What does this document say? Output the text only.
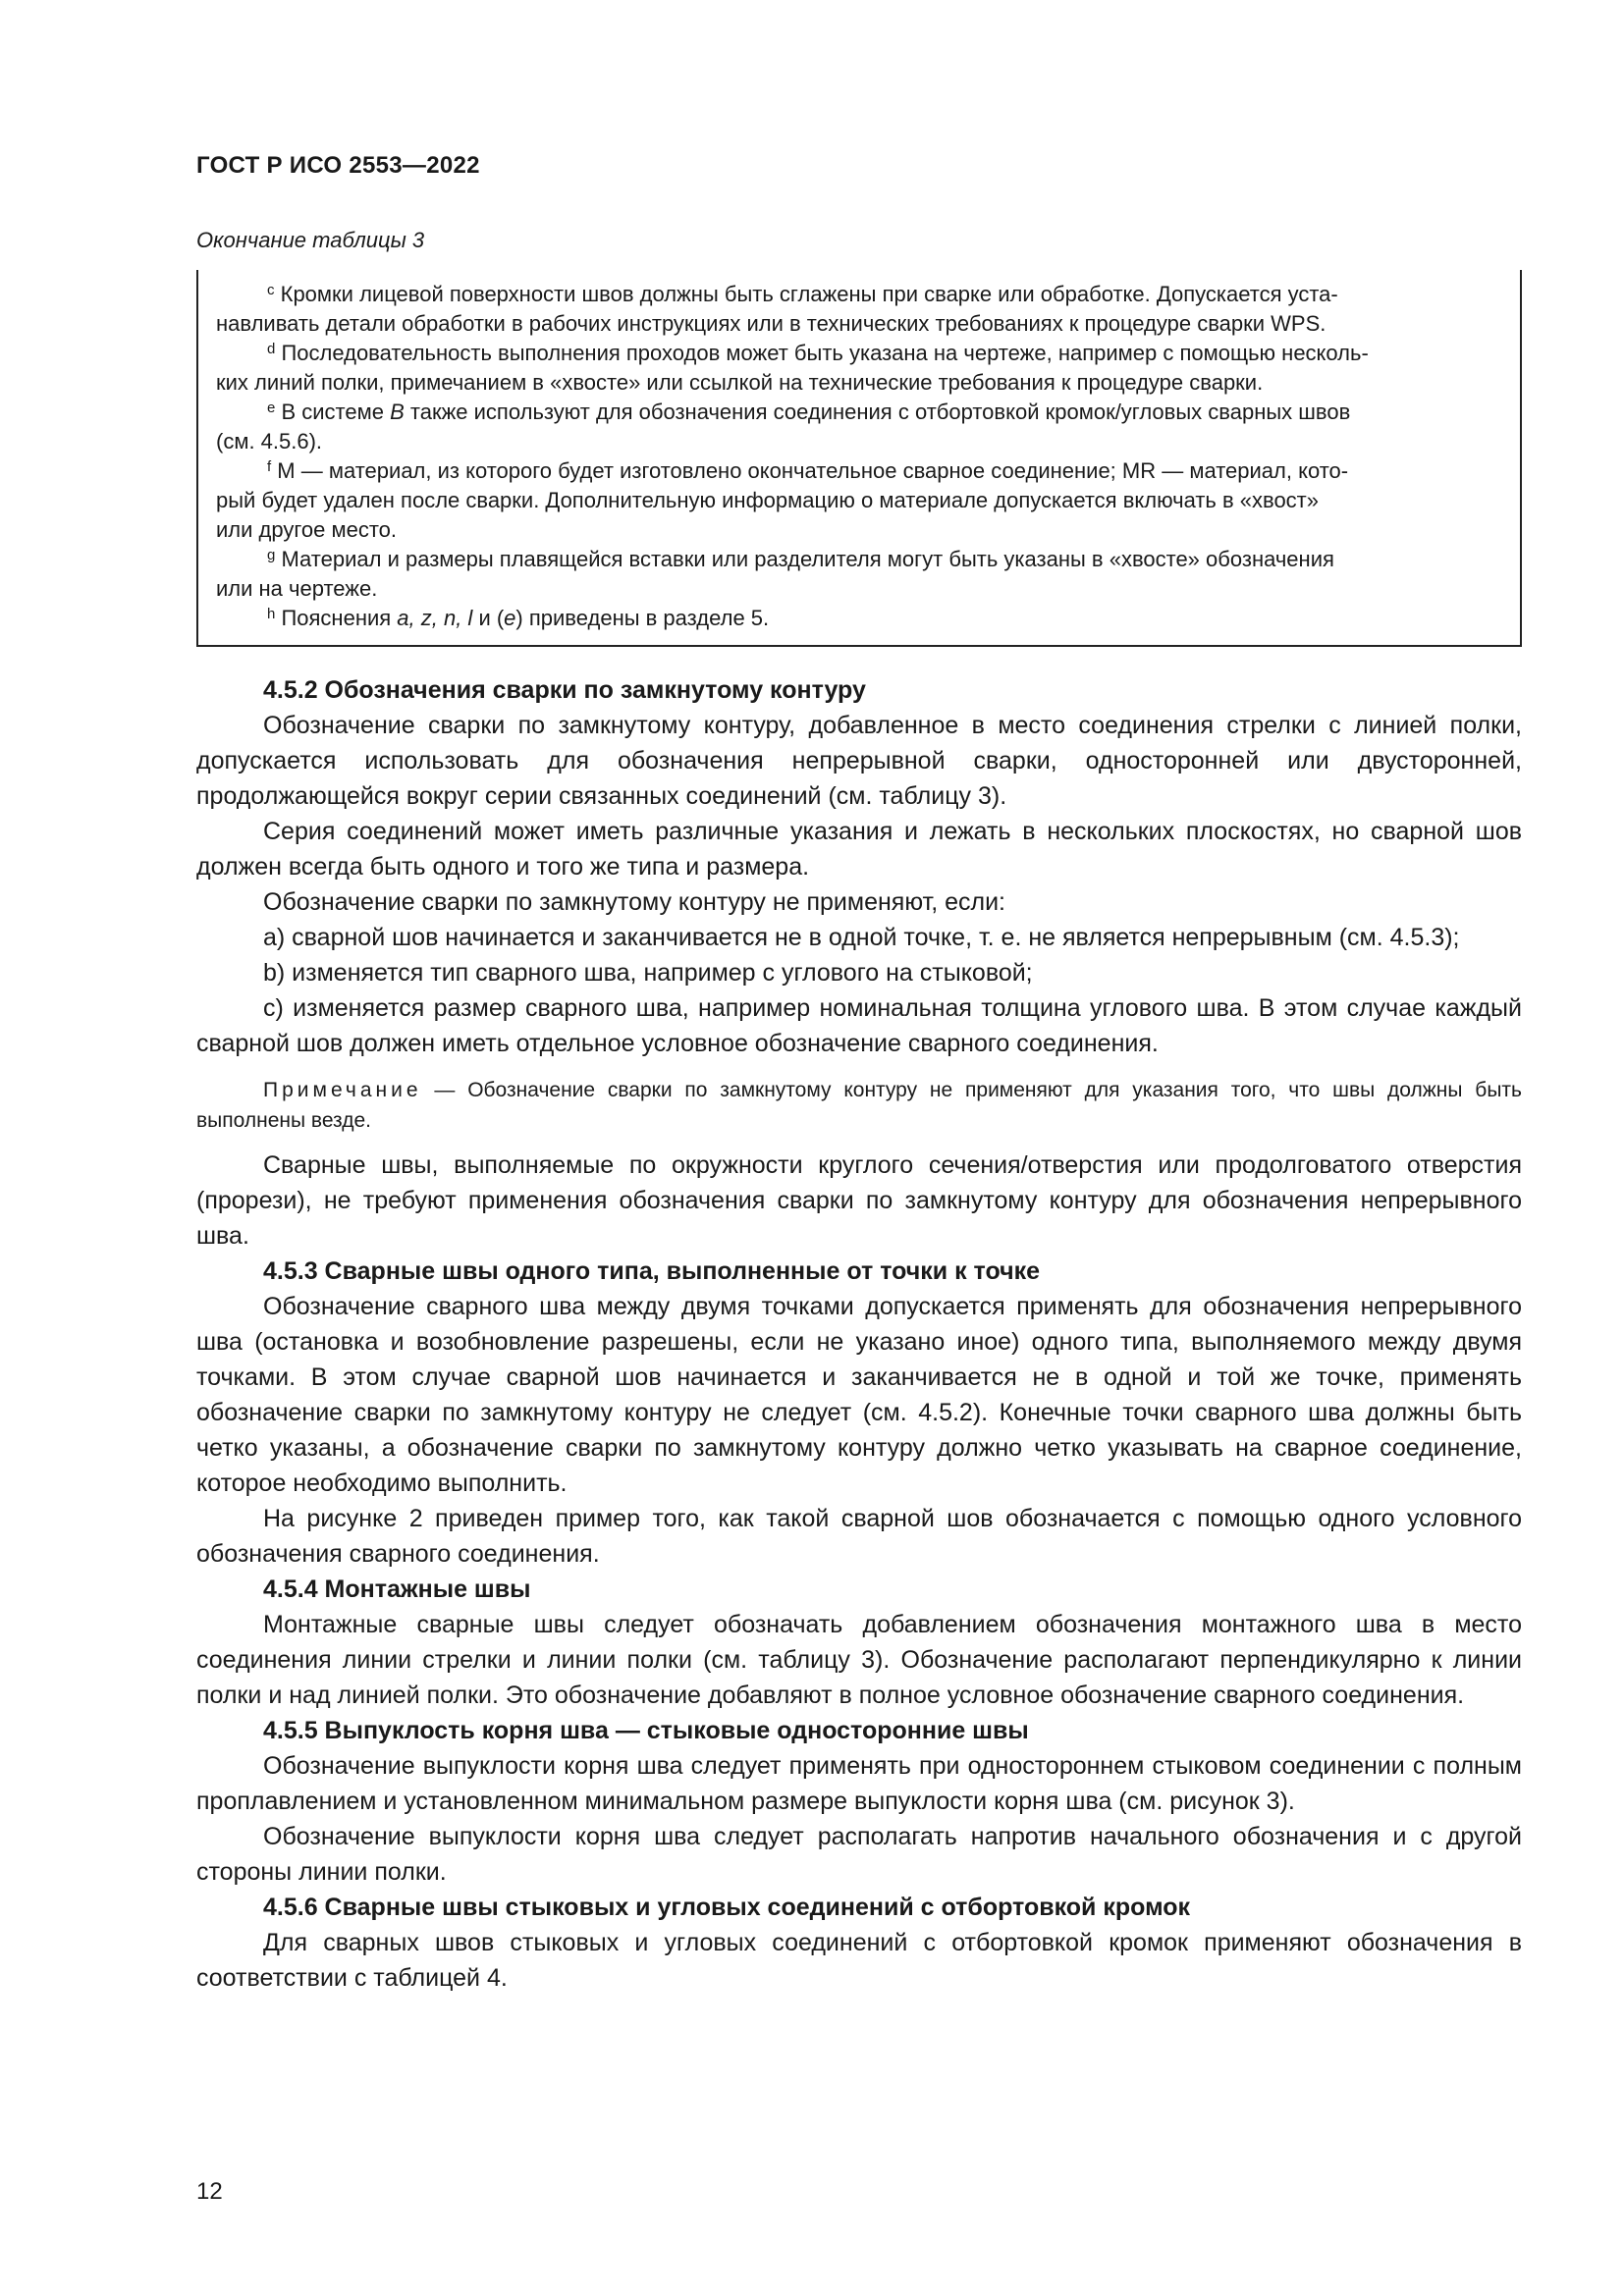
ГОСТ Р ИСО 2553—2022
Окончание таблицы 3

$^c$ Кромки лицевой поверхности швов должны быть сглажены при сварке или обработке. Допускается уста-

навливать детали обработки в рабочих инструкциях или в технических требованиях к процедуре сварки WPS.

$^d$ Последовательность выполнения проходов может быть указана на чертеже, например с помощью несколь-

ких линий полки, примечанием в «хвосте» или ссылкой на технические требования к процедуре сварки.

$^e$ В системе B также используют для обозначения соединения с отбортовкой кромок/угловых сварных швов

(см. 4.5.6).

$^f$ M — материал, из которого будет изготовлено окончательное сварное соединение; MR — материал, кото-

рый будет удален после сварки. Дополнительную информацию о материале допускается включать в «хвост»

или другое место.

$^g$ Материал и размеры плавящейся вставки или разделителя могут быть указаны в «хвосте» обозначения

или на чертеже.

$^h$ Пояснения a, z, n, l и (e) приведены в разделе 5.

4.5.2 Обозначения сварки по замкнутому контуру

Обозначение сварки по замкнутому контуру, добавленное в место соединения стрелки с линией полки, допускается использовать для обозначения непрерывной сварки, односторонней или двусторонней, продолжающейся вокруг серии связанных соединений (см. таблицу 3).

Серия соединений может иметь различные указания и лежать в нескольких плоскостях, но сварной шов должен всегда быть одного и того же типа и размера.

Обозначение сварки по замкнутому контуру не применяют, если:

a) сварной шов начинается и заканчивается не в одной точке, т. е. не является непрерывным (см. 4.5.3);

b) изменяется тип сварного шва, например с углового на стыковой;

c) изменяется размер сварного шва, например номинальная толщина углового шва. В этом случае каждый сварной шов должен иметь отдельное условное обозначение сварного соединения.

Примечание — Обозначение сварки по замкнутому контуру не применяют для указания того, что швы должны быть выполнены везде.

Сварные швы, выполняемые по окружности круглого сечения/отверстия или продолговатого отверстия (прорези), не требуют применения обозначения сварки по замкнутому контуру для обозначения непрерывного шва.

4.5.3 Сварные швы одного типа, выполненные от точки к точке

Обозначение сварного шва между двумя точками допускается применять для обозначения непрерывного шва (остановка и возобновление разрешены, если не указано иное) одного типа, выполняемого между двумя точками. В этом случае сварной шов начинается и заканчивается не в одной и той же точке, применять обозначение сварки по замкнутому контуру не следует (см. 4.5.2). Конечные точки сварного шва должны быть четко указаны, а обозначение сварки по замкнутому контуру должно четко указывать на сварное соединение, которое необходимо выполнить.

На рисунке 2 приведен пример того, как такой сварной шов обозначается с помощью одного условного обозначения сварного соединения.

4.5.4 Монтажные швы

Монтажные сварные швы следует обозначать добавлением обозначения монтажного шва в место соединения линии стрелки и линии полки (см. таблицу 3). Обозначение располагают перпендикулярно к линии полки и над линией полки. Это обозначение добавляют в полное условное обозначение сварного соединения.

4.5.5 Выпуклость корня шва — стыковые односторонние швы

Обозначение выпуклости корня шва следует применять при одностороннем стыковом соединении с полным проплавлением и установленном минимальном размере выпуклости корня шва (см. рисунок 3).

Обозначение выпуклости корня шва следует располагать напротив начального обозначения и с другой стороны линии полки.

4.5.6 Сварные швы стыковых и угловых соединений с отбортовкой кромок

Для сварных швов стыковых и угловых соединений с отбортовкой кромок применяют обозначения в соответствии с таблицей 4.

12
